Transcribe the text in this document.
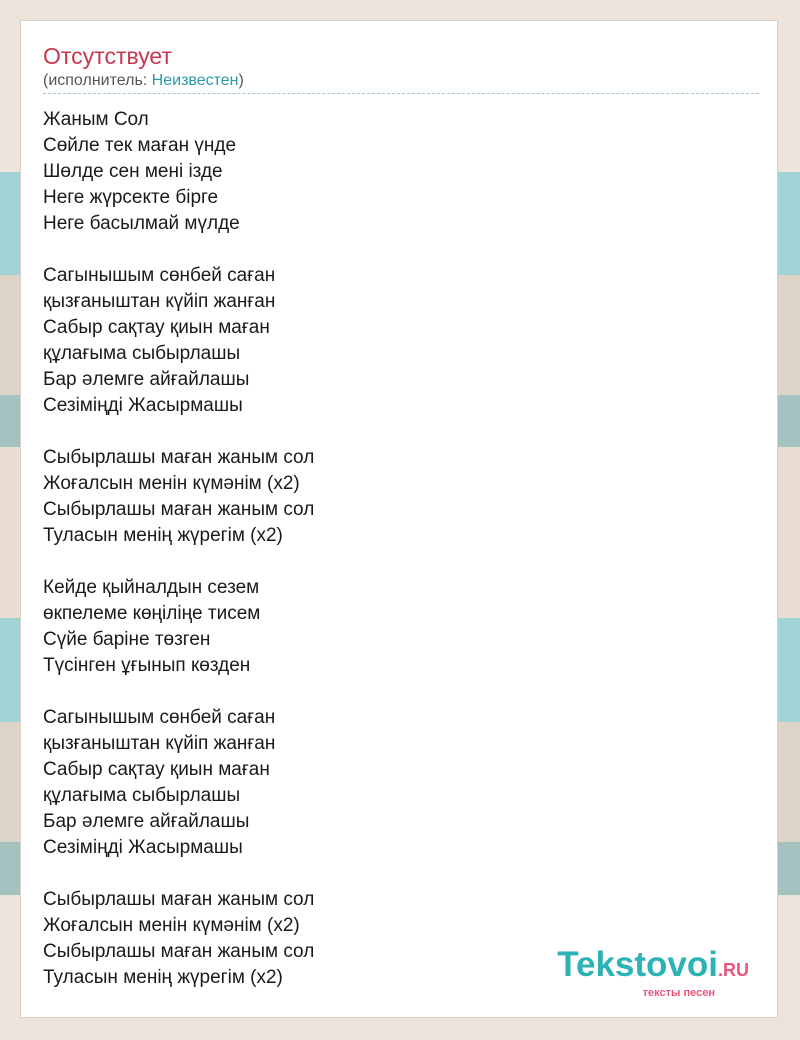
Отсутствует
(исполнитель: Неизвестен)
Жаным Сол
Сөйле тек маған үнде
Шөлде сен мені ізде
Неге жүрсекте бірге
Неге басылмай мүлде
Сагынышым сөнбей саған
қызғаныштан күйіп жанған
Сабыр сақтау қиын маған
құлағыма сыбырлашы
Бар әлемге айғайлашы
Сезіміңді Жасырмашы
Сыбырлашы маған жаным сол
Жоғалсын менін күмәнім (х2)
Сыбырлашы маған жаным сол
Туласын менің жүрегім (х2)
Кейде қыйналдын сезем
өкпелеме көңіліңе тисем
Сүйе баріне төзген
Түсінген ұғынып көзден
Сагынышым сөнбей саған
қызғаныштан күйіп жанған
Сабыр сақтау қиын маған
құлағыма сыбырлашы
Бар әлемге айғайлашы
Сезіміңді Жасырмашы
Сыбырлашы маған жаным сол
Жоғалсын менін күмәнім (х2)
Сыбырлашы маған жаным сол
Туласын менің жүрегім (х2)	Tekstovoi.RU
тексты песен
